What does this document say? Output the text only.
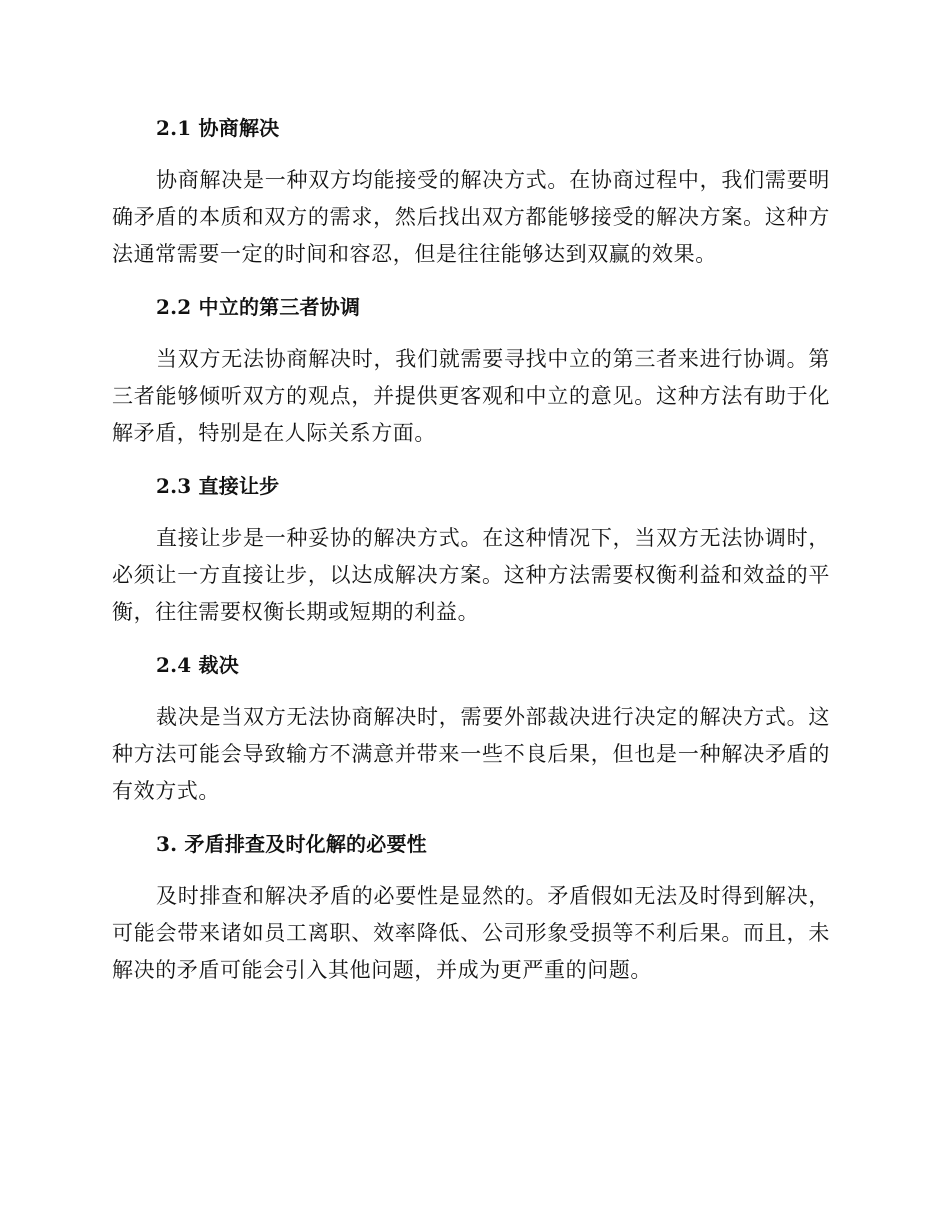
2.1 协商解决

协商解决是一种双方均能接受的解决方式。在协商过程中，我们需要明确矛盾的本质和双方的需求，然后找出双方都能够接受的解决方案。这种方法通常需要一定的时间和容忍，但是往往能够达到双赢的效果。

2.2 中立的第三者协调

当双方无法协商解决时，我们就需要寻找中立的第三者来进行协调。第三者能够倾听双方的观点，并提供更客观和中立的意见。这种方法有助于化解矛盾，特别是在人际关系方面。

2.3 直接让步

直接让步是一种妥协的解决方式。在这种情况下，当双方无法协调时，必须让一方直接让步，以达成解决方案。这种方法需要权衡利益和效益的平衡，往往需要权衡长期或短期的利益。

2.4 裁决

裁决是当双方无法协商解决时，需要外部裁决进行决定的解决方式。这种方法可能会导致输方不满意并带来一些不良后果，但也是一种解决矛盾的有效方式。

3. 矛盾排查及时化解的必要性

及时排查和解决矛盾的必要性是显然的。矛盾假如无法及时得到解决，可能会带来诸如员工离职、效率降低、公司形象受损等不利后果。而且，未解决的矛盾可能会引入其他问题，并成为更严重的问题。
